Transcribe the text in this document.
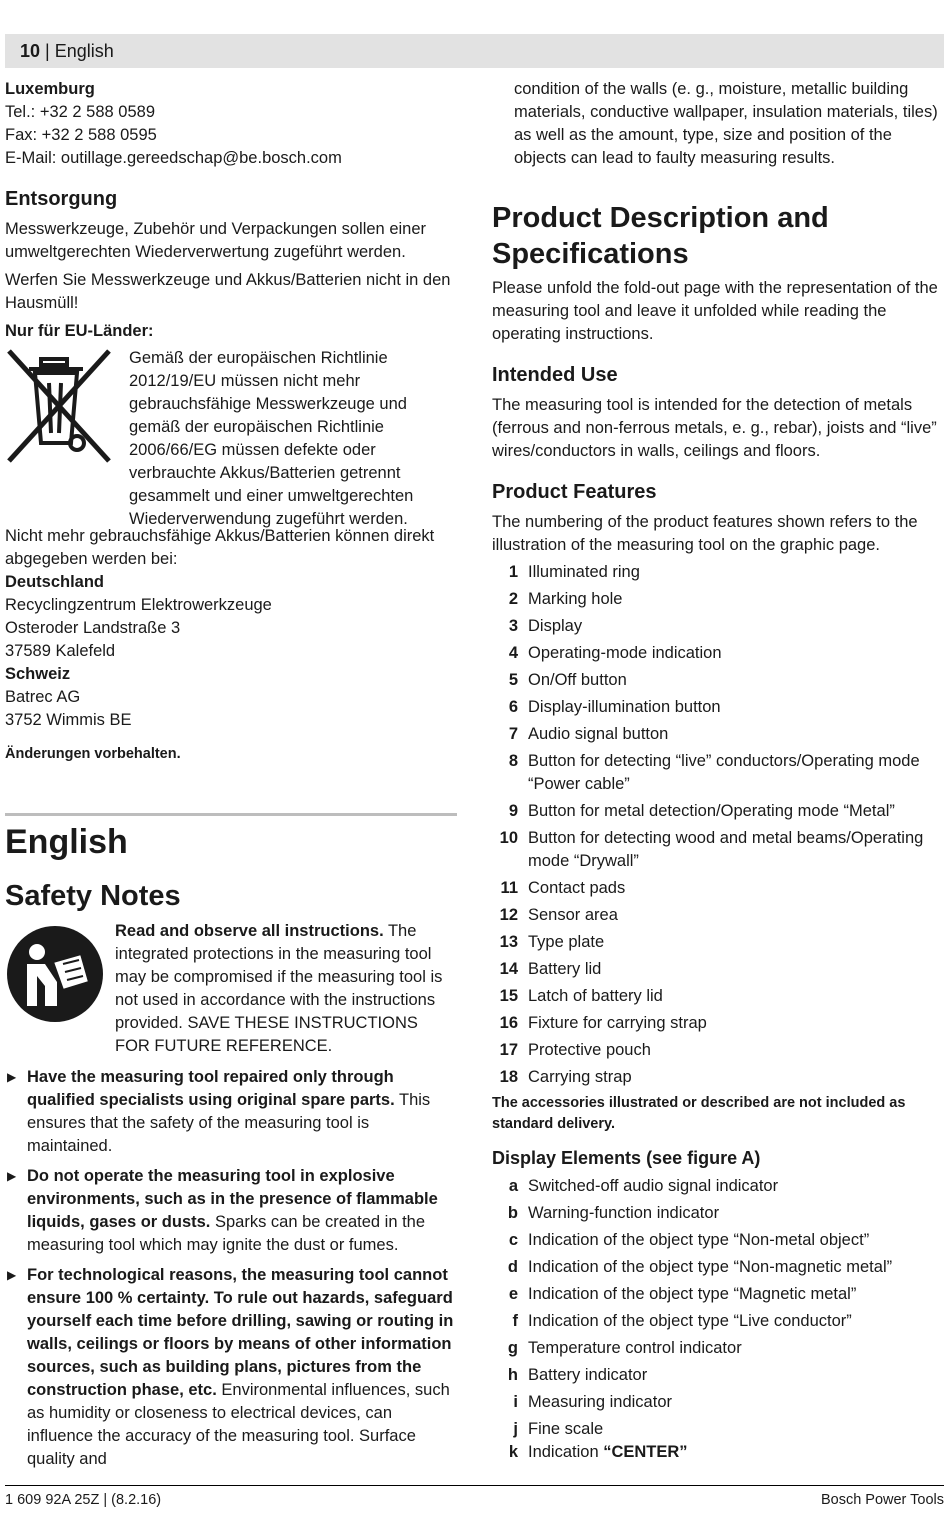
10 | English

Luxemburg

Tel.: +32 2 588 0589

Fax: +32 2 588 0595

E-Mail: outillage.gereedschap@be.bosch.com

Entsorgung

Messwerkzeuge, Zubehör und Verpackungen sollen einer umweltgerechten Wiederverwertung zugeführt werden.

Werfen Sie Messwerkzeuge und Akkus/Batterien nicht in den Hausmüll!

Nur für EU-Länder:

Gemäß der europäischen Richtlinie 2012/19/EU müssen nicht mehr gebrauchsfähige Messwerkzeuge und gemäß der europäischen Richtlinie 2006/66/EG müssen defekte oder verbrauchte Akkus/Batterien getrennt gesammelt und einer umweltgerechten Wiederverwendung zugeführt werden.

Nicht mehr gebrauchsfähige Akkus/Batterien können direkt abgegeben werden bei:

Deutschland

Recyclingzentrum Elektrowerkzeuge

Osteroder Landstraße 3

37589 Kalefeld

Schweiz

Batrec AG

3752 Wimmis BE

Änderungen vorbehalten.

English

Safety Notes

Read and observe all instructions. The integrated protections in the measuring tool may be compromised if the measuring tool is not used in accordance with the instructions provided. SAVE THESE INSTRUCTIONS FOR FUTURE REFERENCE.

▶ Have the measuring tool repaired only through qualified specialists using original spare parts. This ensures that the safety of the measuring tool is maintained.

▶ Do not operate the measuring tool in explosive environments, such as in the presence of flammable liquids, gases or dusts. Sparks can be created in the measuring tool which may ignite the dust or fumes.

▶ For technological reasons, the measuring tool cannot ensure 100 % certainty. To rule out hazards, safeguard yourself each time before drilling, sawing or routing in walls, ceilings or floors by means of other information sources, such as building plans, pictures from the construction phase, etc. Environmental influences, such as humidity or closeness to electrical devices, can influence the accuracy of the measuring tool. Surface quality and

condition of the walls (e. g., moisture, metallic building materials, conductive wallpaper, insulation materials, tiles) as well as the amount, type, size and position of the objects can lead to faulty measuring results.

Product Description and Specifications

Please unfold the fold-out page with the representation of the measuring tool and leave it unfolded while reading the operating instructions.

Intended Use

The measuring tool is intended for the detection of metals (ferrous and non-ferrous metals, e. g., rebar), joists and “live” wires/conductors in walls, ceilings and floors.

Product Features

The numbering of the product features shown refers to the illustration of the measuring tool on the graphic page.

1 Illuminated ring
2 Marking hole
3 Display
4 Operating-mode indication
5 On/Off button
6 Display-illumination button
7 Audio signal button
8 Button for detecting “live” conductors/Operating mode “Power cable”
9 Button for metal detection/Operating mode “Metal”
10 Button for detecting wood and metal beams/Operating mode “Drywall”
11 Contact pads
12 Sensor area
13 Type plate
14 Battery lid
15 Latch of battery lid
16 Fixture for carrying strap
17 Protective pouch
18 Carrying strap

The accessories illustrated or described are not included as standard delivery.

Display Elements (see figure A)

a Switched-off audio signal indicator
b Warning-function indicator
c Indication of the object type “Non-metal object”
d Indication of the object type “Non-magnetic metal”
e Indication of the object type “Magnetic metal”
f Indication of the object type “Live conductor”
g Temperature control indicator
h Battery indicator
i Measuring indicator
j Fine scale
k Indication “CENTER”
1 609 92A 25Z | (8.2.16)	Bosch Power Tools
